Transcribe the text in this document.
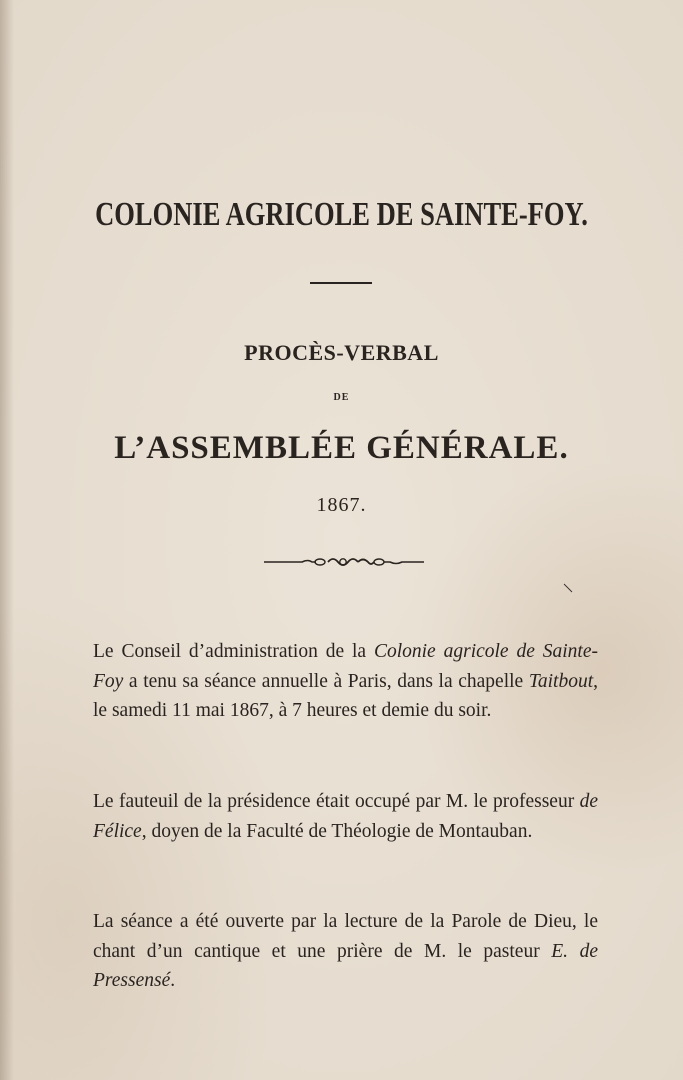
COLONIE AGRICOLE DE SAINTE-FOY.
PROCÈS-VERBAL
DE
L’ASSEMBLÉE GÉNÉRALE.
1867.

Le Conseil d’administration de la Colonie agricole de Sainte-Foy a tenu sa séance annuelle à Paris, dans la chapelle Taitbout, le samedi 11 mai 1867, à 7 heures et demie du soir.

Le fauteuil de la présidence était occupé par M. le professeur de Félice, doyen de la Faculté de Théologie de Montauban.

La séance a été ouverte par la lecture de la Parole de Dieu, le chant d’un cantique et une prière de M. le pasteur E. de Pressensé.
